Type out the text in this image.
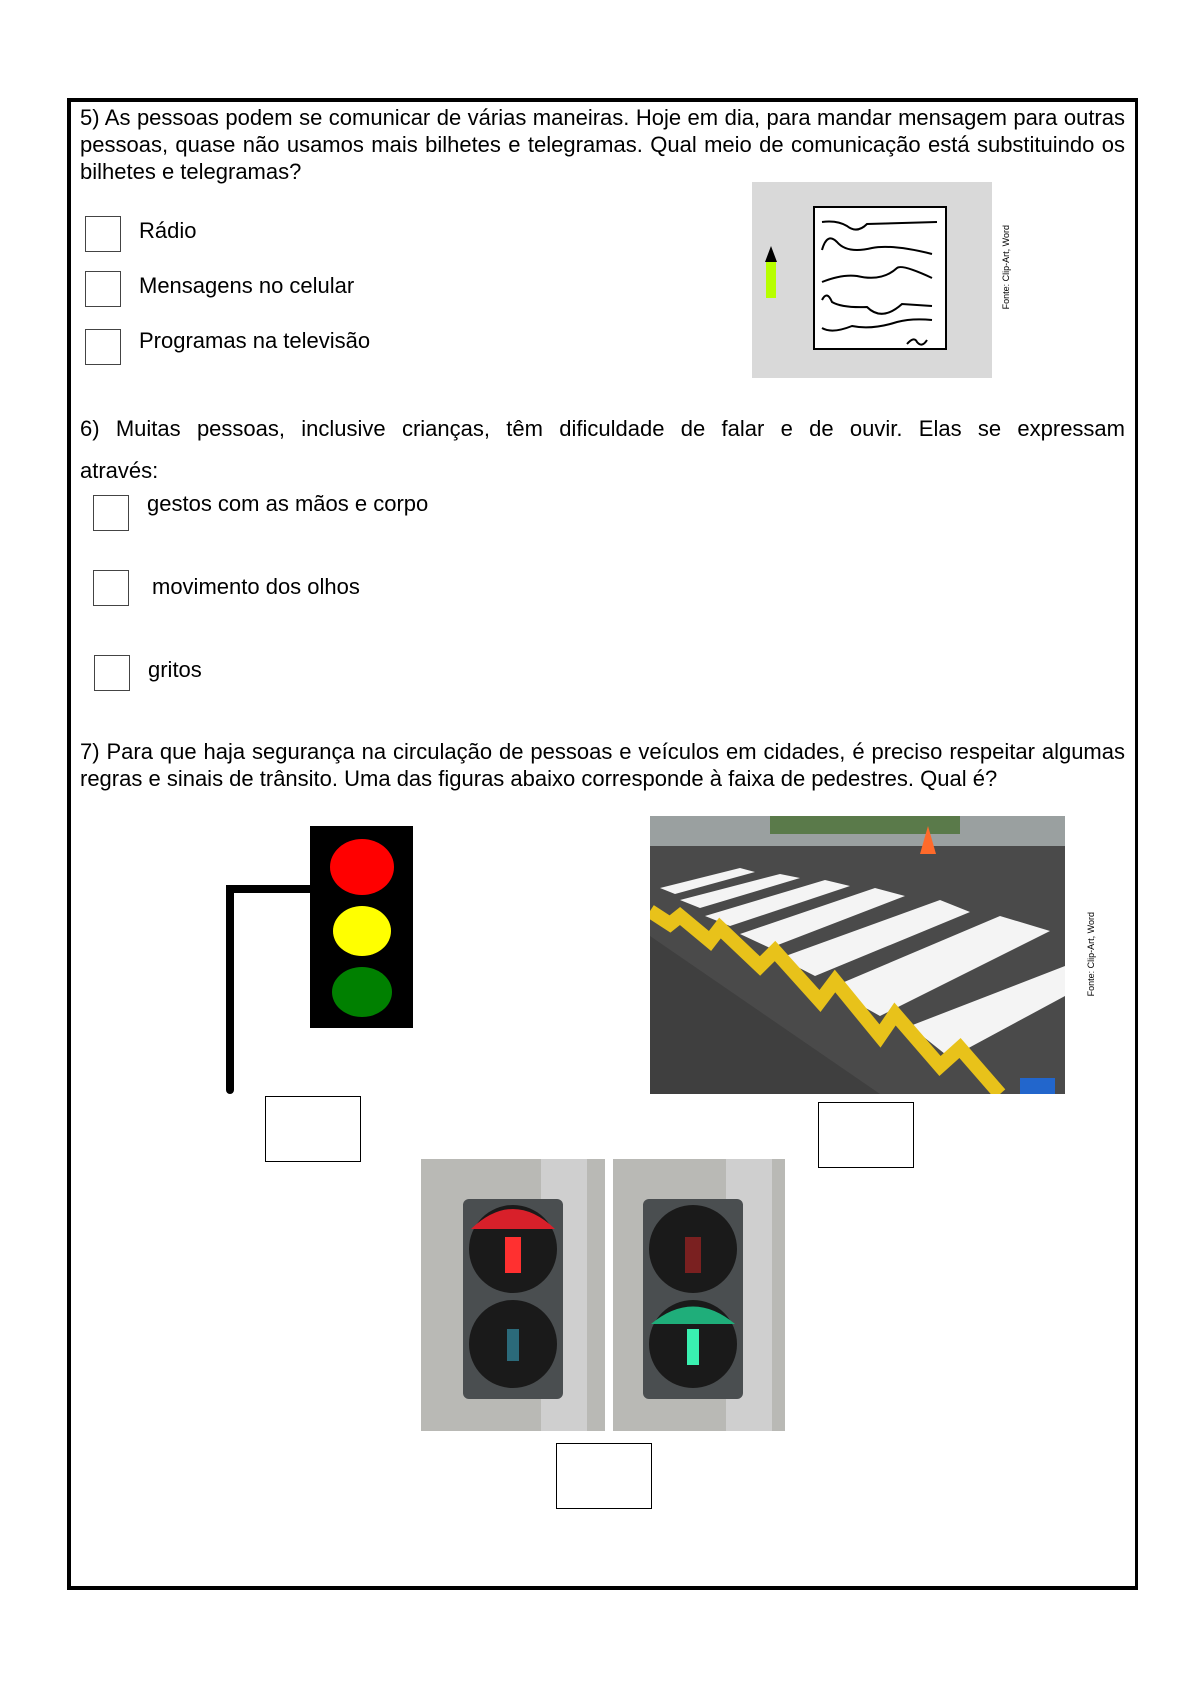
5) As pessoas podem se comunicar de várias maneiras. Hoje em dia, para mandar mensagem para outras pessoas, quase não usamos mais bilhetes e telegramas. Qual meio de comunicação está substituindo os bilhetes e telegramas?
Rádio
Mensagens no celular
Programas na televisão
Fonte: Clip-Art, Word
6) Muitas pessoas, inclusive crianças, têm dificuldade de falar e de ouvir. Elas se expressam
através:
gestos com as mãos e corpo
movimento dos olhos
gritos
7) Para que haja segurança na circulação de pessoas e veículos em cidades, é preciso respeitar algumas regras e sinais de trânsito. Uma das figuras abaixo corresponde à faixa de pedestres. Qual é?
Fonte: Clip-Art, Word
